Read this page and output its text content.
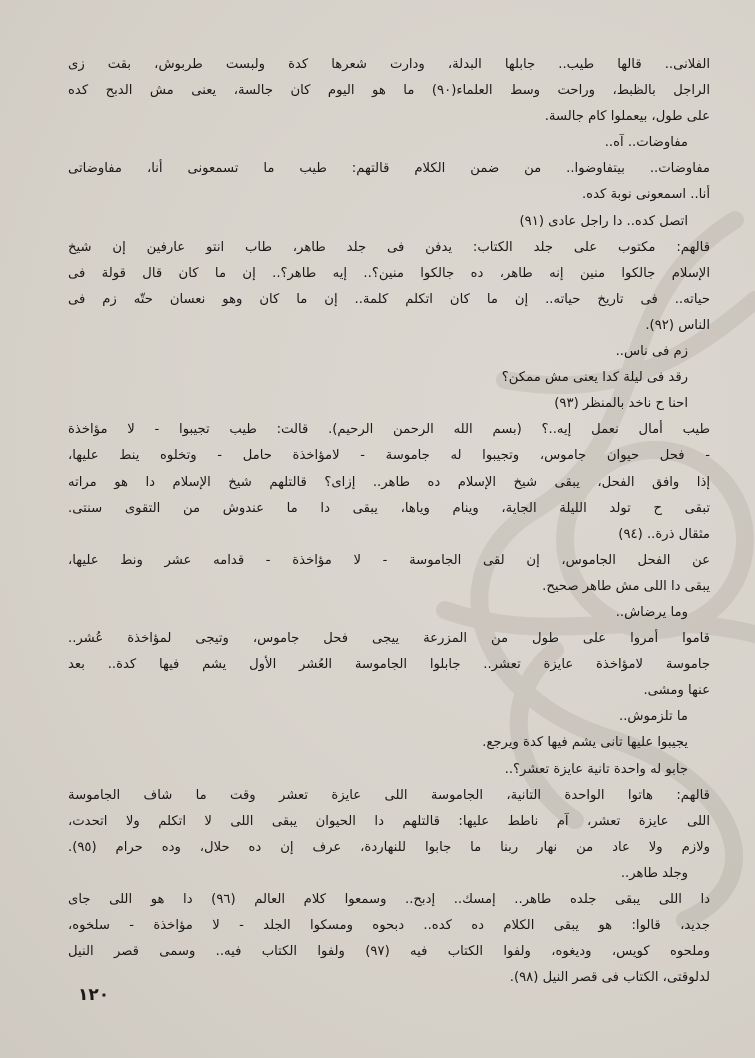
الفلانى.. قالها طيب.. جابلها البدلة، ودارت شعرها كدة ولبست طربوش، بقت زى
الراجل بالظبط، وراحت وسط العلماء(٩٠) ما هو اليوم كان جالسة، يعنى مش الدبح كده
على طول، بيعملوا كام جالسة.
مفاوضات.. آه..
مفاوضات.. بيتفاوضوا.. من ضمن الكلام قالتهم: طيب ما تسمعونى أنا، مفاوضاتى
أنا.. اسمعونى نوبة كده.
اتصل كده.. دا راجل عادى (٩١)
قالهم: مكتوب على جلد الكتاب: يدفن فى جلد طاهر، طاب انتو عارفين إن شيخ
الإسلام جالكوا منين إنه طاهر، ده جالكوا منين؟.. إيه طاهر؟.. إن ما كان قال قولة فى
حياته.. فى تاريخ حياته.. إن ما كان اتكلم كلمة.. إن ما كان وهو نعسان حتّه زم فى
الناس (٩٢).
زم فى ناس..
رقد فى ليلة كدا يعنى مش ممكن؟
احنا ح ناخد بالمنظر (٩٣)
طيب أمال نعمل إيه..؟ (بسم الله الرحمن الرحيم). قالت: طيب تجيبوا - لا مؤاخذة
- فحل حيوان جاموس، وتجيبوا له جاموسة - لامؤاخذة حامل - وتخلوه ينط عليها،
إذا وافق الفحل، يبقى شيخ الإسلام ده طاهر.. إزاى؟ قالتلهم شيخ الإسلام دا هو مراته
تبقى ح تولد الليلة الجاية، وينام وياها، يبقى دا ما عندوش من التقوى سنتى.
مثقال ذرة.. (٩٤)
عن الفحل الجاموس، إن لقى الجاموسة - لا مؤاخذة - قدامه عشر ونط عليها،
يبقى دا اللى مش طاهر صحيح.
وما يرضاش..
قاموا أمروا على طول من المزرعة ييجى فحل جاموس، وتيجى لمؤاخذة عُشر..
جاموسة لامؤاخذة عايزة تعشر.. جابلوا الجاموسة العُشر الأول يشم فيها كدة.. بعد
عنها ومشى.
ما تلزموش..
يجيبوا عليها تانى يشم فيها كدة ويرجع.
جابو له واحدة تانية عايزة تعشر؟..
قالهم: هاتوا الواحدة التانية، الجاموسة اللى عايزة تعشر وقت ما شاف الجاموسة
اللى عايزة تعشر، آم ناطط عليها: قالتلهم دا الحيوان يبقى اللى لا اتكلم ولا اتحدت،
ولازم ولا عاد من نهار ربنا ما جابوا للنهاردة، عرف إن ده حلال، وده حرام (٩٥).
وجلد طاهر..
دا اللى يبقى جلده طاهر.. إمسك.. إدبح.. وسمعوا كلام العالم (٩٦) دا هو اللى جاى
جديد، قالوا: هو يبقى الكلام ده كده.. دبحوه ومسكوا الجلد - لا مؤاخذة - سلخوه،
وملحوه كويس، وديغوه، ولفوا الكتاب فيه (٩٧) ولفوا الكتاب فيه.. وسمى قصر النيل
لدلوقتى، الكتاب فى قصر النيل (٩٨).
١٢٠
